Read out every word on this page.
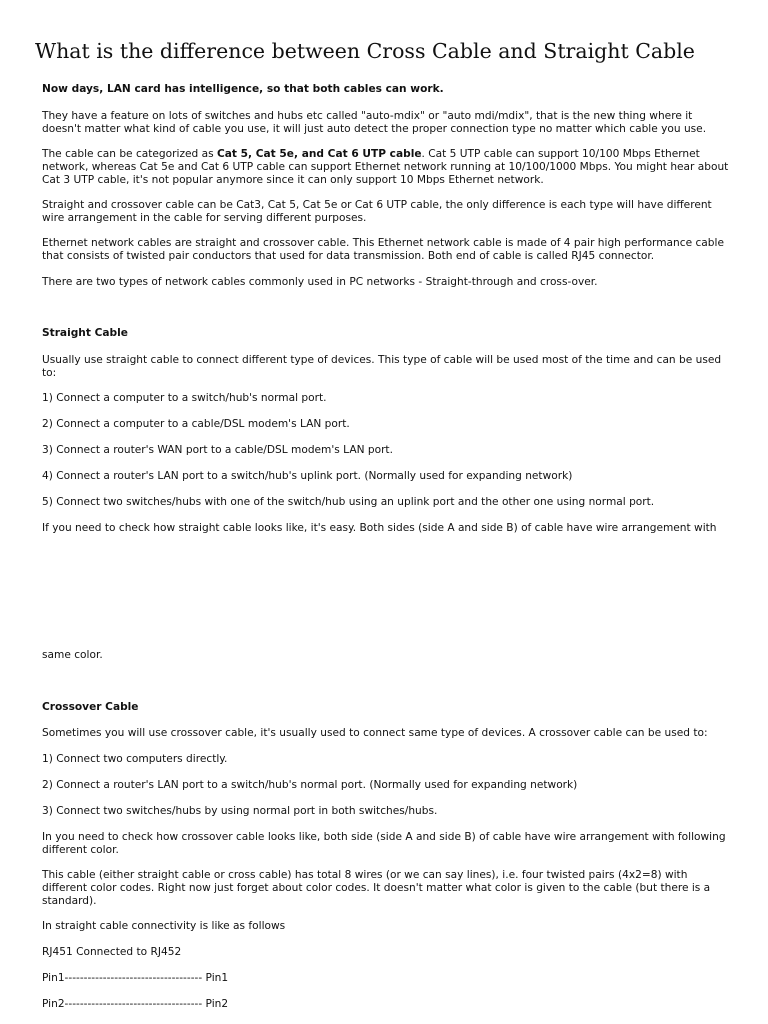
What is the difference between Cross Cable and Straight Cable

Now days, LAN card has intelligence, so that both cables can work.

They have a feature on lots of switches and hubs etc called "auto-mdix" or "auto mdi/mdix", that is the new thing where it doesn't matter what kind of cable you use, it will just auto detect the proper connection type no matter which cable you use.

The cable can be categorized as Cat 5, Cat 5e, and Cat 6 UTP cable. Cat 5 UTP cable can support 10/100 Mbps Ethernet network, whereas Cat 5e and Cat 6 UTP cable can support Ethernet network running at 10/100/1000 Mbps. You might hear about Cat 3 UTP cable, it's not popular anymore since it can only support 10 Mbps Ethernet network.

Straight and crossover cable can be Cat3, Cat 5, Cat 5e or Cat 6 UTP cable, the only difference is each type will have different wire arrangement in the cable for serving different purposes.

Ethernet network cables are straight and crossover cable. This Ethernet network cable is made of 4 pair high performance cable that consists of twisted pair conductors that used for data transmission. Both end of cable is called RJ45 connector.

There are two types of network cables commonly used in PC networks - Straight-through and cross-over.

Straight Cable

Usually use straight cable to connect different type of devices. This type of cable will be used most of the time and can be used to:

1) Connect a computer to a switch/hub's normal port.

2) Connect a computer to a cable/DSL modem's LAN port.

3) Connect a router's WAN port to a cable/DSL modem's LAN port.

4) Connect a router's LAN port to a switch/hub's uplink port. (Normally used for expanding network)

5) Connect two switches/hubs with one of the switch/hub using an uplink port and the other one using normal port.

If you need to check how straight cable looks like, it's easy. Both sides (side A and side B) of cable have wire arrangement with

same color.

Crossover Cable

Sometimes you will use crossover cable, it's usually used to connect same type of devices. A crossover cable can be used to:

1) Connect two computers directly.

2) Connect a router's LAN port to a switch/hub's normal port. (Normally used for expanding network)

3) Connect two switches/hubs by using normal port in both switches/hubs.

In you need to check how crossover cable looks like, both side (side A and side B) of cable have wire arrangement with following different color.

This cable (either straight cable or cross cable) has total 8 wires (or we can say lines), i.e. four twisted pairs (4x2=8) with different color codes. Right now just forget about color codes. It doesn't matter what color is given to the cable (but there is a standard).

In straight cable connectivity is like as follows

RJ451 Connected to RJ452

Pin1------------------------------------ Pin1

Pin2------------------------------------ Pin2
